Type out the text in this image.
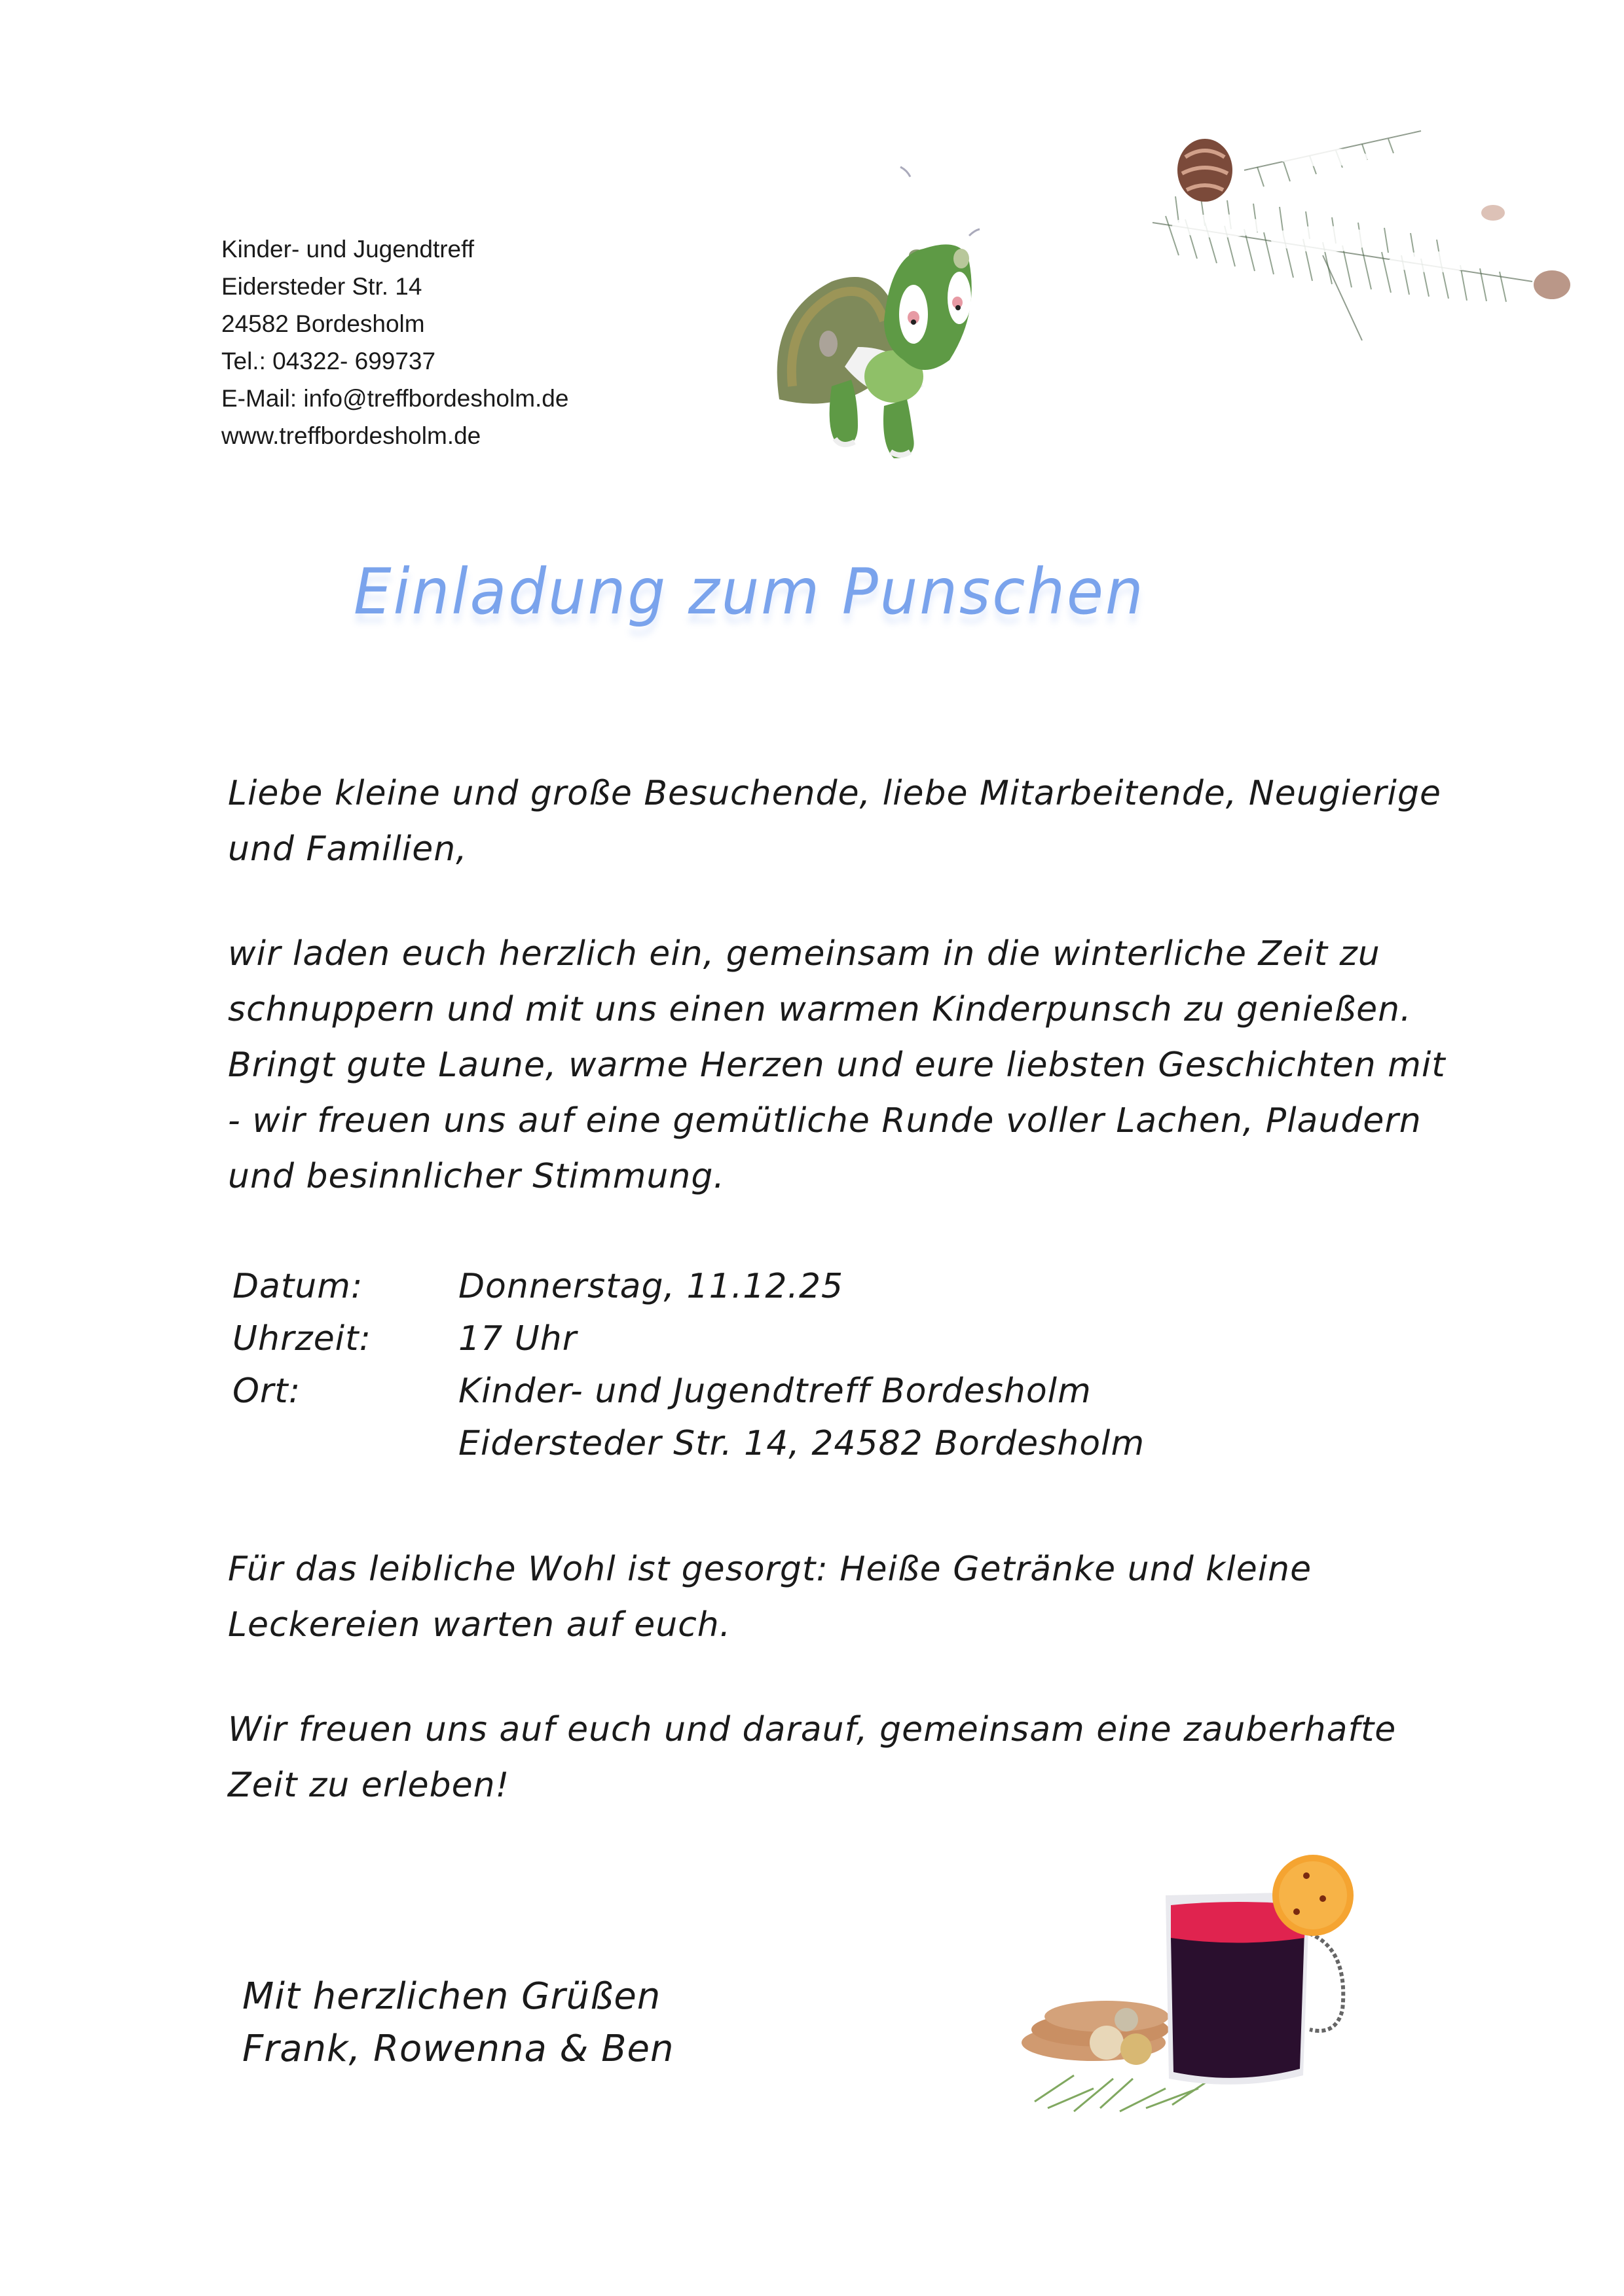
Kinder- und Jugendtreff
Eidersteder Str. 14
24582 Bordesholm
Tel.: 04322- 699737
E-Mail: info@treffbordesholm.de
www.treffbordesholm.de
Einladung zum Punschen
Liebe kleine und große Besuchende, liebe Mitarbeitende, Neugierige
und Familien,
wir laden euch herzlich ein, gemeinsam in die winterliche Zeit zu
schnuppern und mit uns einen warmen Kinderpunsch zu genießen.
Bringt gute Laune, warme Herzen und eure liebsten Geschichten mit
- wir freuen uns auf eine gemütliche Runde voller Lachen, Plaudern
und besinnlicher Stimmung.
Datum:	Donnerstag, 11.12.25
Uhrzeit:	17 Uhr
Ort:	Kinder- und Jugendtreff Bordesholm
Eidersteder Str. 14, 24582 Bordesholm
Für das leibliche Wohl ist gesorgt: Heiße Getränke und kleine
Leckereien warten auf euch.
Wir freuen uns auf euch und darauf, gemeinsam eine zauberhafte
Zeit zu erleben!
Mit herzlichen Grüßen
Frank, Rowenna & Ben
